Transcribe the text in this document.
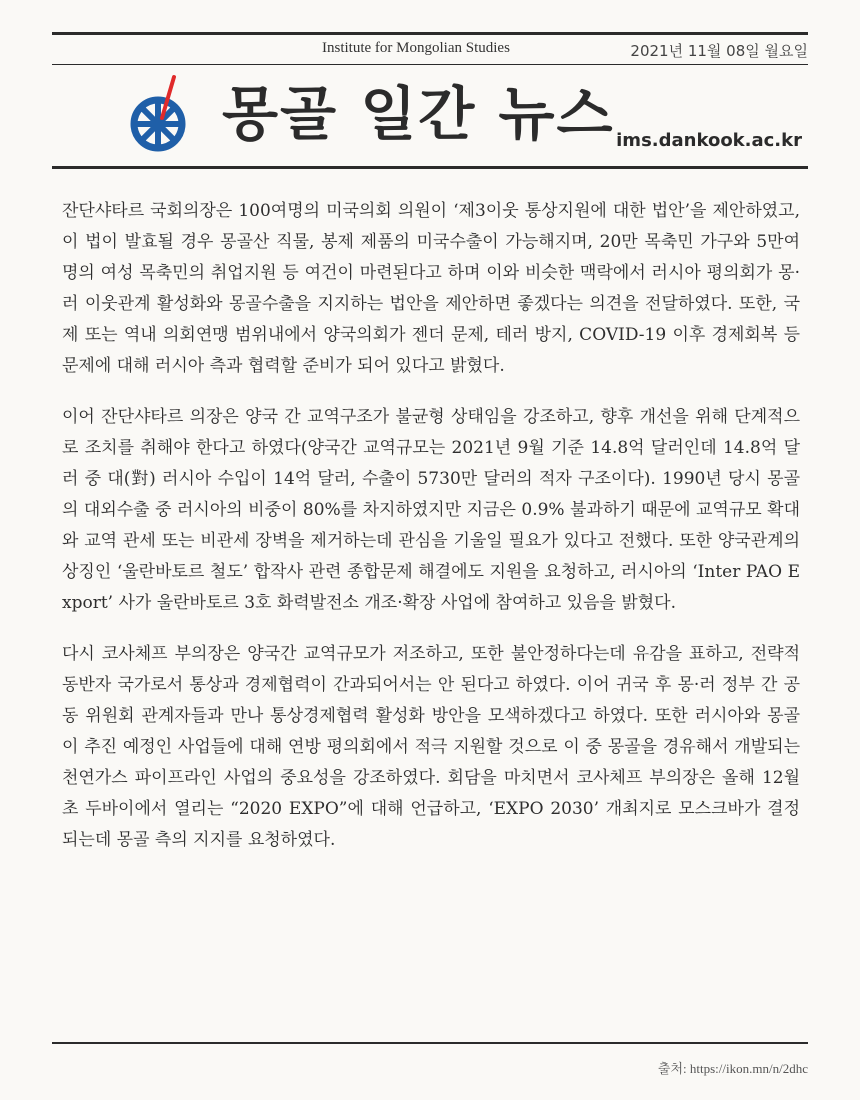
Institute for Mongolian Studies	2021년 11월 08일 월요일
몽골 일간 뉴스 ims.dankook.ac.kr

잔단샤타르 국회의장은 100여명의 미국의회 의원이 ‘제3이웃 통상지원에 대한 법안’을 제안하였고, 이 법이 발효될 경우 몽골산 직물, 봉제 제품의 미국수출이 가능해지며, 20만 목축민 가구와 5만여 명의 여성 목축민의 취업지원 등 여건이 마련된다고 하며 이와 비슷한 맥락에서 러시아 평의회가 몽·러 이웃관계 활성화와 몽골수출을 지지하는 법안을 제안하면 좋겠다는 의견을 전달하였다. 또한, 국제 또는 역내 의회연맹 범위내에서 양국의회가 젠더 문제, 테러 방지, COVID-19 이후 경제회복 등 문제에 대해 러시아 측과 협력할 준비가 되어 있다고 밝혔다.

이어 잔단샤타르 의장은 양국 간 교역구조가 불균형 상태임을 강조하고, 향후 개선을 위해 단계적으로 조치를 취해야 한다고 하였다(양국간 교역규모는 2021년 9월 기준 14.8억 달러인데 14.8억 달러 중 대(對) 러시아 수입이 14억 달러, 수출이 5730만 달러의 적자 구조이다). 1990년 당시 몽골의 대외수출 중 러시아의 비중이 80%를 차지하였지만 지금은 0.9% 불과하기 때문에 교역규모 확대와 교역 관세 또는 비관세 장벽을 제거하는데 관심을 기울일 필요가 있다고 전했다. 또한 양국관계의 상징인 ‘울란바토르 철도’ 합작사 관련 종합문제 해결에도 지원을 요청하고, 러시아의 ‘Inter PAO Export’ 사가 울란바토르 3호 화력발전소 개조·확장 사업에 참여하고 있음을 밝혔다.

다시 코사체프 부의장은 양국간 교역규모가 저조하고, 또한 불안정하다는데 유감을 표하고, 전략적 동반자 국가로서 통상과 경제협력이 간과되어서는 안 된다고 하였다. 이어 귀국 후 몽·러 정부 간 공동 위원회 관계자들과 만나 통상경제협력 활성화 방안을 모색하겠다고 하였다. 또한 러시아와 몽골이 추진 예정인 사업들에 대해 연방 평의회에서 적극 지원할 것으로 이 중 몽골을 경유해서 개발되는 천연가스 파이프라인 사업의 중요성을 강조하였다. 회담을 마치면서 코사체프 부의장은 올해 12월 초 두바이에서 열리는 “2020 EXPO”에 대해 언급하고, ‘EXPO 2030’ 개최지로 모스크바가 결정되는데 몽골 측의 지지를 요청하였다.

출처: https://ikon.mn/n/2dhc
